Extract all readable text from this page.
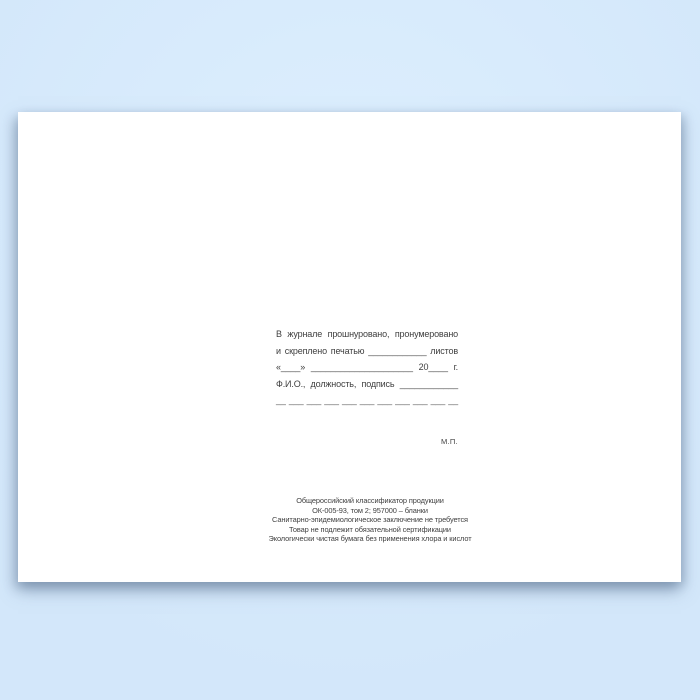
В журнале прошнуровано, пронумеровано
и скреплено печатью ____________ листов
«____» _____________________ 20____ г.
Ф.И.О., должность, подпись ____________
__ ___ ___ ___ ___ ___ ___ ___ ___ ___ __
М.П.
Общероссийский классификатор продукции
ОК-005-93, том 2; 957000 – бланки
Санитарно-эпидемиологическое заключение не требуется
Товар не подлежит обязательной сертификации
Экологически чистая бумага без применения хлора и кислот
